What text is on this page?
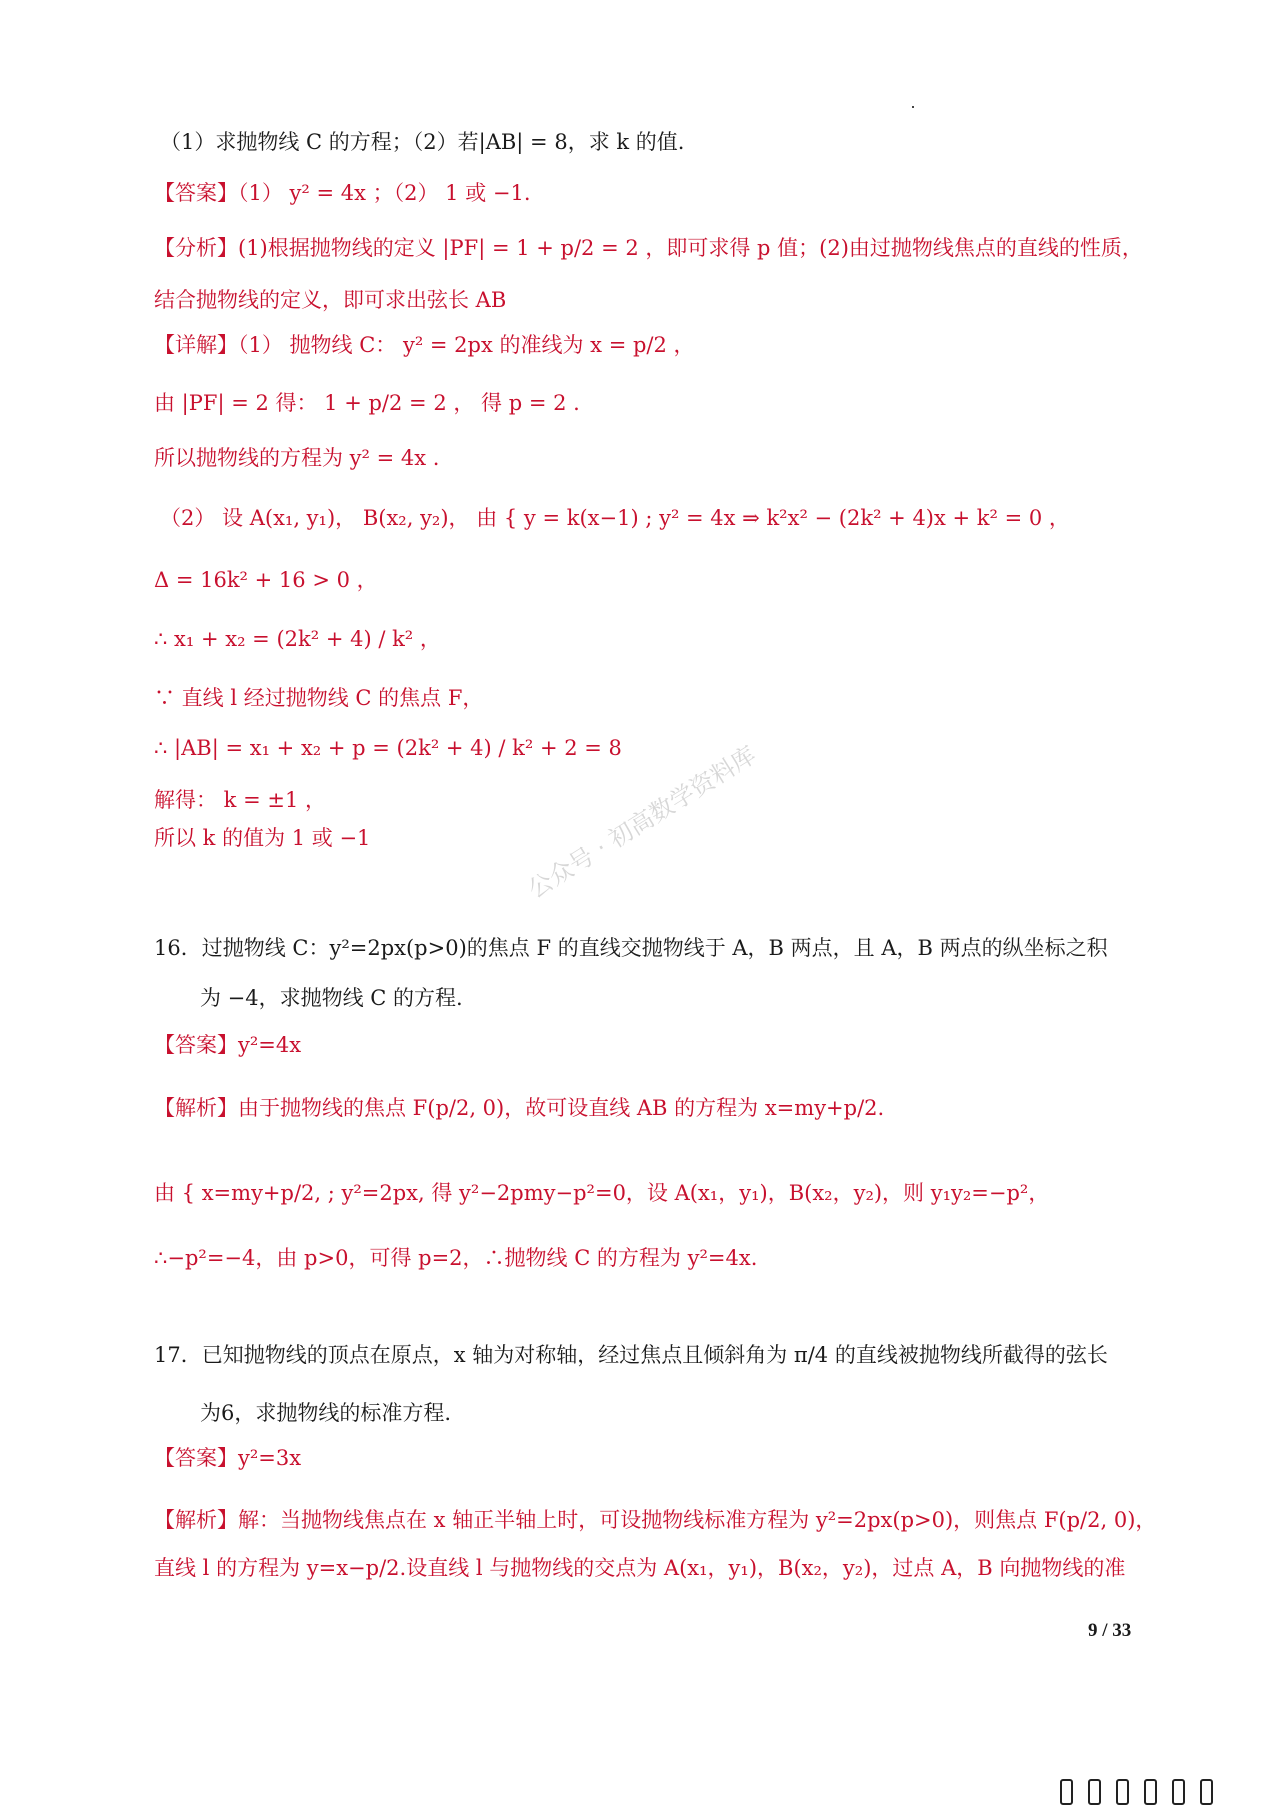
（1）求抛物线 C 的方程；（2）若|AB| = 8，求 k 的值.
【答案】（1） y² = 4x ；（2） 1 或 −1.
【分析】(1)根据抛物线的定义 |PF| = 1 + p/2 = 2 ，即可求得 p 值；(2)由过抛物线焦点的直线的性质，
结合抛物线的定义，即可求出弦长 AB
【详解】（1） 抛物线 C： y² = 2px 的准线为 x = p/2 ，
由 |PF| = 2 得： 1 + p/2 = 2 ， 得 p = 2 .
所以抛物线的方程为 y² = 4x .
（2） 设 A(x₁, y₁)， B(x₂, y₂)， 由 { y = k(x−1) ; y² = 4x ⇒ k²x² − (2k² + 4)x + k² = 0 ，
Δ = 16k² + 16 > 0 ，
∴ x₁ + x₂ = (2k² + 4) / k² ，
∵ 直线 l 经过抛物线 C 的焦点 F，
∴ |AB| = x₁ + x₂ + p = (2k² + 4) / k² + 2 = 8
解得： k = ±1 ，
所以 k 的值为 1 或 −1
16．过抛物线 C：y²=2px(p>0)的焦点 F 的直线交抛物线于 A，B 两点，且 A，B 两点的纵坐标之积
为 −4，求抛物线 C 的方程.
【答案】y²=4x
【解析】由于抛物线的焦点 F(p/2, 0)，故可设直线 AB 的方程为 x=my+p/2.
由 { x=my+p/2, ; y²=2px, 得 y²−2pmy−p²=0，设 A(x₁，y₁)，B(x₂，y₂)，则 y₁y₂=−p²，
∴−p²=−4，由 p>0，可得 p=2，∴抛物线 C 的方程为 y²=4x.
17．已知抛物线的顶点在原点，x 轴为对称轴，经过焦点且倾斜角为 π/4 的直线被抛物线所截得的弦长
为6，求抛物线的标准方程.
【答案】y²=3x
【解析】解：当抛物线焦点在 x 轴正半轴上时，可设抛物线标准方程为 y²=2px(p>0)，则焦点 F(p/2, 0)，
直线 l 的方程为 y=x−p/2.设直线 l 与抛物线的交点为 A(x₁，y₁)，B(x₂，y₂)，过点 A，B 向抛物线的准
公众号 · 初高数学资料库
9 / 33
